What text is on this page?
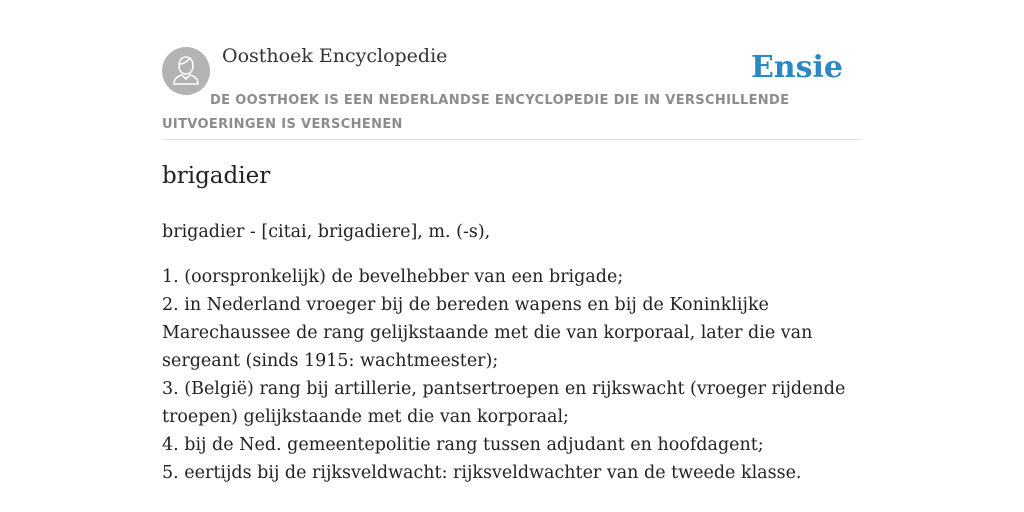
Oosthoek Encyclopedie	Ensie
DE OOSTHOEK IS EEN NEDERLANDSE ENCYCLOPEDIE DIE IN VERSCHILLENDE UITVOERINGEN IS VERSCHENEN
brigadier
brigadier - [citai, brigadiere], m. (-s),
1. (oorspronkelijk) de bevelhebber van een brigade;
2. in Nederland vroeger bij de bereden wapens en bij de Koninklijke Marechaussee de rang gelijkstaande met die van korporaal, later die van sergeant (sinds 1915: wachtmeester);
3. (België) rang bij artillerie, pantsertroepen en rijkswacht (vroeger rijdende troepen) gelijkstaande met die van korporaal;
4. bij de Ned. gemeentepolitie rang tussen adjudant en hoofdagent;
5. eertijds bij de rijksveldwacht: rijksveldwachter van de tweede klasse.
